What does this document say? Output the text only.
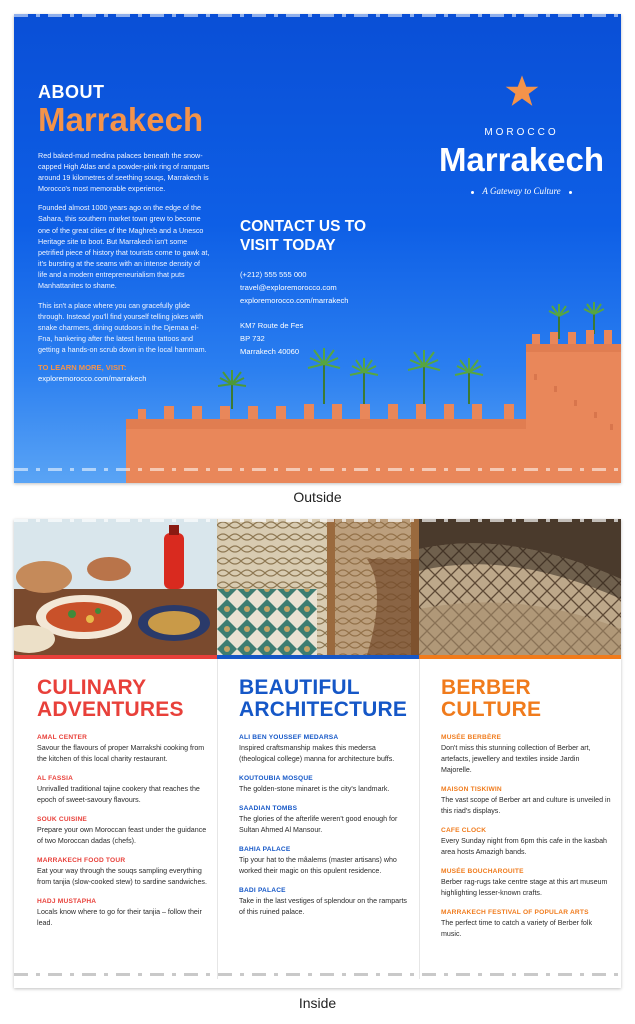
ABOUT
Marrakech

Red baked-mud medina palaces beneath the snow-capped High Atlas and a powder-pink ring of ramparts around 19 kilometres of seething souqs, Marrakech is Morocco's most memorable experience.

Founded almost 1000 years ago on the edge of the Sahara, this southern market town grew to become one of the great cities of the Maghreb and a Unesco Heritage site to boot. But Marrakech isn't some petrified piece of history that tourists come to gawk at, it's bursting at the seams with an intense density of life and a modern entrepreneurialism that puts Manhattanites to shame.

This isn't a place where you can gracefully glide through. Instead you'll find yourself telling jokes with snake charmers, dining outdoors in the Djemaa el-Fna, hankering after the latest henna tattoos and getting a hands-on scrub down in the local hammam.

TO LEARN MORE, VISIT:
exploremorocco.com/marrakech
CONTACT US TO VISIT TODAY
(+212) 555 555 000
travel@exploremorocco.com
exploremorocco.com/marrakech
KM7 Route de Fes
BP 732
Marrakech 40060
MOROCCO
Marrakech
A Gateway to Culture
Outside
CULINARY
ADVENTURES
AMAL CENTER
Savour the flavours of proper Marrakshi cooking from the kitchen of this local charity restaurant.
AL FASSIA
Unrivalled traditional tajine cookery that reaches the epoch of sweet-savoury flavours.
SOUK CUISINE
Prepare your own Moroccan feast under the guidance of two Moroccan dadas (chefs).
MARRAKECH FOOD TOUR
Eat your way through the souqs sampling everything from tanjia (slow-cooked stew) to sardine sandwiches.
HADJ MUSTAPHA
Locals know where to go for their tanjia – follow their lead.
BEAUTIFUL
ARCHITECTURE
ALI BEN YOUSSEF MEDARSA
Inspired craftsmanship makes this medersa (theological college) manna for architecture buffs.
KOUTOUBIA MOSQUE
The golden-stone minaret is the city's landmark.
SAADIAN TOMBS
The glories of the afterlife weren't good enough for Sultan Ahmed Al Mansour.
BAHIA PALACE
Tip your hat to the mâalems (master artisans) who worked their magic on this opulent residence.
BADI PALACE
Take in the last vestiges of splendour on the ramparts of this ruined palace.
BERBER
CULTURE
MUSÉE BERBÈRE
Don't miss this stunning collection of Berber art, artefacts, jewellery and textiles inside Jardin Majorelle.
MAISON TISKIWIN
The vast scope of Berber art and culture is unveiled in this riad's displays.
CAFE CLOCK
Every Sunday night from 6pm this cafe in the kasbah area hosts Amazigh bands.
MUSÉE BOUCHAROUITE
Berber rag-rugs take centre stage at this art museum highlighting lesser-known crafts.
MARRAKECH FESTIVAL OF POPULAR ARTS
The perfect time to catch a variety of Berber folk music.
Inside
